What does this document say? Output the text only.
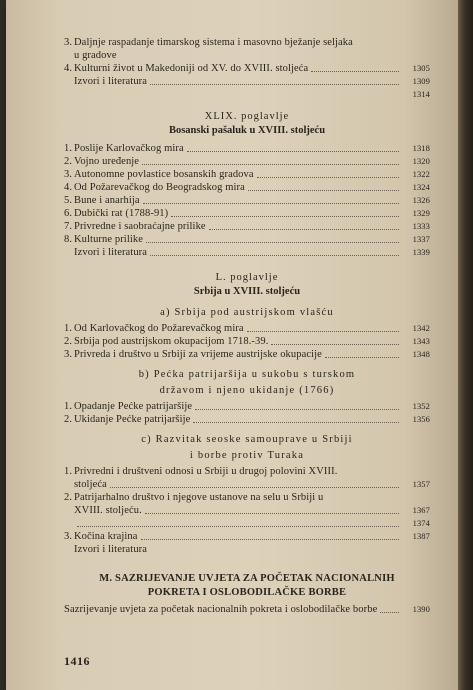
3. Daljnje raspadanje timarskog sistema i masovno bježanje seljaka
u gradove
4. Kulturni život u Makedoniji od XV. do XVIII. stoljeća	1305
Izvori i literatura	1309
1314
XLIX. poglavlje
Bosanski pašaluk u XVIII. stoljeću
1. Poslije Karlovačkog mira	1318
2. Vojno uređenje	1320
3. Autonomne povlastice bosanskih gradova	1322
4. Od Požarevačkog do Beogradskog mira	1324
5. Bune i anarhija	1326
6. Dubički rat (1788-91)	1329
7. Privredne i saobraćajne prilike	1333
8. Kulturne prilike	1337
Izvori i literatura	1339
L. poglavlje
Srbija u XVIII. stoljeću
a) Srbija pod austrijskom vlašću
1. Od Karlovačkog do Požarevačkog mira	1342
2. Srbija pod austrijskom okupacijom 1718.-39.	1343
3. Privreda i društvo u Srbiji za vrijeme austrijske okupacije	1348
b) Pećka patrijaršija u sukobu s turskom
državom i njeno ukidanje (1766)
1. Opadanje Pećke patrijaršije	1352
2. Ukidanje Pećke patrijaršije	1356
c) Razvitak seoske samouprave u Srbiji
i borbe protiv Turaka
1. Privredni i društveni odnosi u Srbiji u drugoj polovini XVIII.
stoljeća	1357
2. Patrijarhalno društvo i njegove ustanove na selu u Srbiji u
XVIII. stoljeću.	1367
1374
3. Kočina krajina	1387
Izvori i literatura
M. SAZRIJEVANJE UVJETA ZA POČETAK NACIONALNIH
POKRETA I OSLOBODILAČKE BORBE
Sazrijevanje uvjeta za početak nacionalnih pokreta i oslobodilačke borbe	1390
1416
